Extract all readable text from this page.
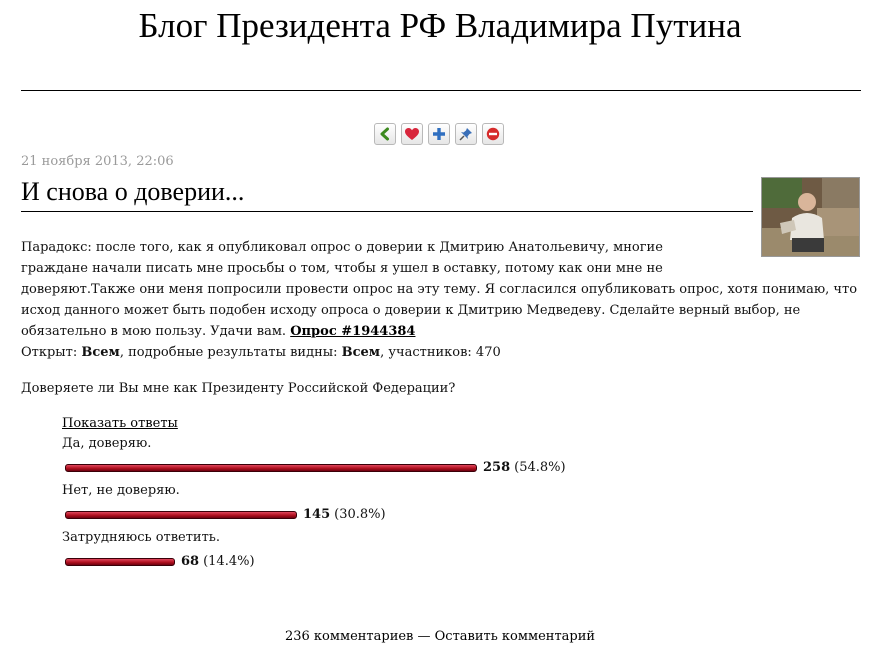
Блог Президента РФ Владимира Путина
21 ноября 2013, 22:06
И снова о доверии...

Парадокс: после того, как я опубликовал опрос о доверии к Дмитрию Анатольевичу, многие
граждане начали писать мне просьбы о том, чтобы я ушел в оставку, потому как они мне не

доверяют.Также они меня попросили провести опрос на эту тему. Я согласился опубликовать опрос, хотя понимаю, что исход данного может быть подобен исходу опроса о доверии к Дмитрию Медведеву. Сделайте верный выбор, не обязательно в мою пользу. Удачи вам. Опрос #1944384

Открыт: Всем, подробные результаты видны: Всем, участников: 470

Доверяете ли Вы мне как Президенту Российской Федерации?

Показать ответы
Да, доверяю.
258 (54.8%)
Нет, не доверяю.
145 (30.8%)
Затрудняюсь ответить.
68 (14.4%)
236 комментариев — Оставить комментарий
